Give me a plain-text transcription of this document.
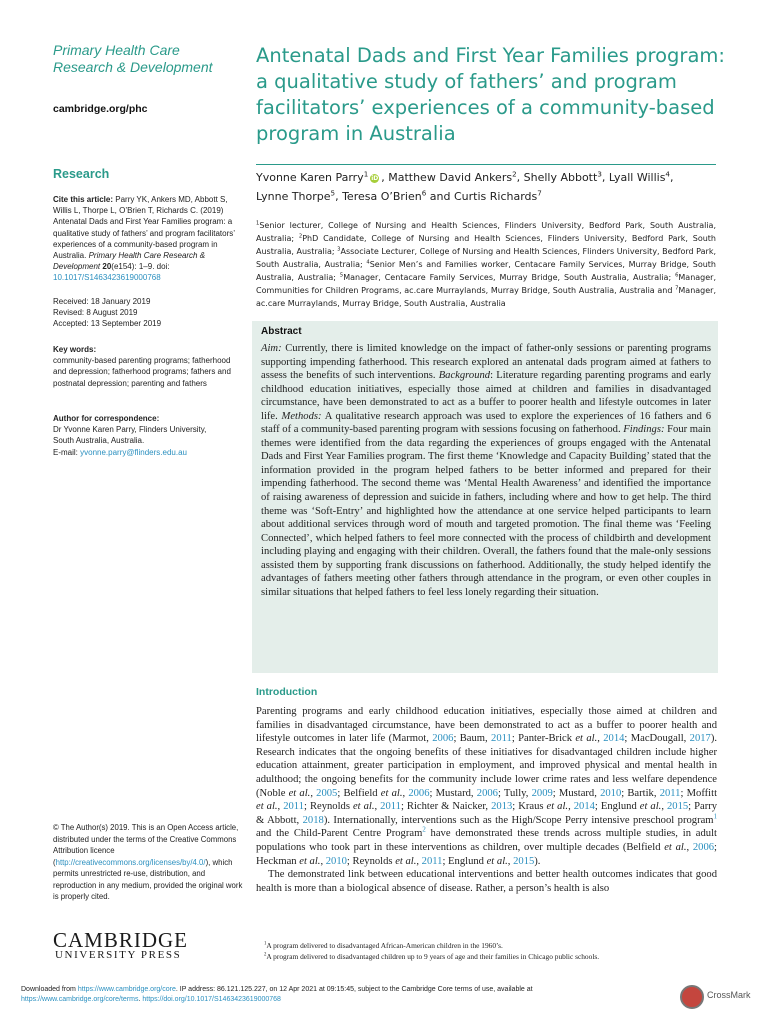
Primary Health Care
Research & Development
cambridge.org/phc
Antenatal Dads and First Year Families program: a qualitative study of fathers’ and program facilitators’ experiences of a community-based program in Australia
Research
Cite this article: Parry YK, Ankers MD, Abbott S, Willis L, Thorpe L, O’Brien T, Richards C. (2019) Antenatal Dads and First Year Families program: a qualitative study of fathers’ and program facilitators’ experiences of a community-based program in Australia. Primary Health Care Research & Development 20(e154): 1–9. doi: 10.1017/S1463423619000768
Received: 18 January 2019
Revised: 8 August 2019
Accepted: 13 September 2019
Key words:
community-based parenting programs; fatherhood and depression; fatherhood programs; fathers and postnatal depression; parenting and fathers
Author for correspondence:
Dr Yvonne Karen Parry, Flinders University,
South Australia, Australia.
E-mail: yvonne.parry@flinders.edu.au
Yvonne Karen Parry$^1$iD , Matthew David Ankers$^2$, Shelly Abbott$^3$, Lyall Willis$^4$,
Lynne Thorpe$^5$, Teresa O’Brien$^6$ and Curtis Richards$^7$
$^1$Senior lecturer, College of Nursing and Health Sciences, Flinders University, Bedford Park, South Australia, Australia; $^2$PhD Candidate, College of Nursing and Health Sciences, Flinders University, Bedford Park, South Australia, Australia; $^3$Associate Lecturer, College of Nursing and Health Sciences, Flinders University, Bedford Park, South Australia, Australia; $^4$Senior Men’s and Families worker, Centacare Family Services, Murray Bridge, South Australia, Australia; $^5$Manager, Centacare Family Services, Murray Bridge, South Australia, Australia; $^6$Manager, Communities for Children Programs, ac.care Murraylands, Murray Bridge, South Australia, Australia and $^7$Manager, ac.care Murraylands, Murray Bridge, South Australia, Australia
Abstract
Aim: Currently, there is limited knowledge on the impact of father-only sessions or parenting programs supporting impending fatherhood. This research explored an antenatal dads program aimed at fathers to assess the benefits of such interventions. Background: Literature regarding parenting programs and early childhood education initiatives, especially those aimed at children and families in disadvantaged circumstance, have been demonstrated to act as a buffer to poorer health and lifestyle outcomes in later life. Methods: A qualitative research approach was used to explore the experiences of 16 fathers and 6 staff of a community-based parenting program with sessions focusing on fatherhood. Findings: Four main themes were identified from the data regarding the experiences of groups engaged with the Antenatal Dads and First Year Families program. The first theme ‘Knowledge and Capacity Building’ stated that the information provided in the program helped fathers to be better informed and prepared for their impending fatherhood. The second theme was ‘Mental Health Awareness’ and identified the importance of raising awareness of depression and suicide in fathers, including where and how to get help. The third theme was ‘Soft-Entry’ and highlighted how the attendance at one service helped participants to learn about additional services through word of mouth and targeted promotion. The final theme was ‘Feeling Connected’, which helped fathers to feel more connected with the process of childbirth and development including playing and engaging with their children. Overall, the fathers found that the male-only sessions assisted them by supporting frank discussions on fatherhood. Additionally, the study helped identify the advantages of fathers meeting other fathers through attendance in the program, or even other couples in similar situations that helped fathers to feel less lonely regarding their situation.
Introduction

Parenting programs and early childhood education initiatives, especially those aimed at children and families in disadvantaged circumstance, have been demonstrated to act as a buffer to poorer health and lifestyle outcomes in later life (Marmot, 2006; Baum, 2011; Panter-Brick et al., 2014; MacDougall, 2017). Research indicates that the ongoing benefits of these initiatives for disadvantaged children include higher education attainment, greater participation in employment, and improved physical and mental health in adulthood; the ongoing benefits for the community include lower crime rates and less welfare dependence (Noble et al., 2005; Belfield et al., 2006; Mustard, 2006; Tully, 2009; Mustard, 2010; Bartik, 2011; Moffitt et al., 2011; Reynolds et al., 2011; Richter & Naicker, 2013; Kraus et al., 2014; Englund et al., 2015; Parry & Abbott, 2018). Internationally, interventions such as the High/Scope Perry intensive preschool program$^1$ and the Child-Parent Centre Program$^2$ have demonstrated these trends across multiple studies, in adult populations who took part in these interventions as children, over multiple decades (Belfield et al., 2006; Heckman et al., 2010; Reynolds et al., 2011; Englund et al., 2015).

The demonstrated link between educational interventions and better health outcomes indicates that good health is more than a biological absence of disease. Rather, a person’s health is also

© The Author(s) 2019. This is an Open Access article, distributed under the terms of the Creative Commons Attribution licence (http://creativecommons.org/licenses/by/4.0/), which permits unrestricted re-use, distribution, and reproduction in any medium, provided the original work is properly cited.
CAMBRIDGE
UNIVERSITY PRESS
$^1$A program delivered to disadvantaged African-American children in the 1960’s.
$^2$A program delivered to disadvantaged children up to 9 years of age and their families in Chicago public schools.
Downloaded from https://www.cambridge.org/core. IP address: 86.121.125.227, on 12 Apr 2021 at 09:15:45, subject to the Cambridge Core terms of use, available at
https://www.cambridge.org/core/terms. https://doi.org/10.1017/S1463423619000768	CrossMark
